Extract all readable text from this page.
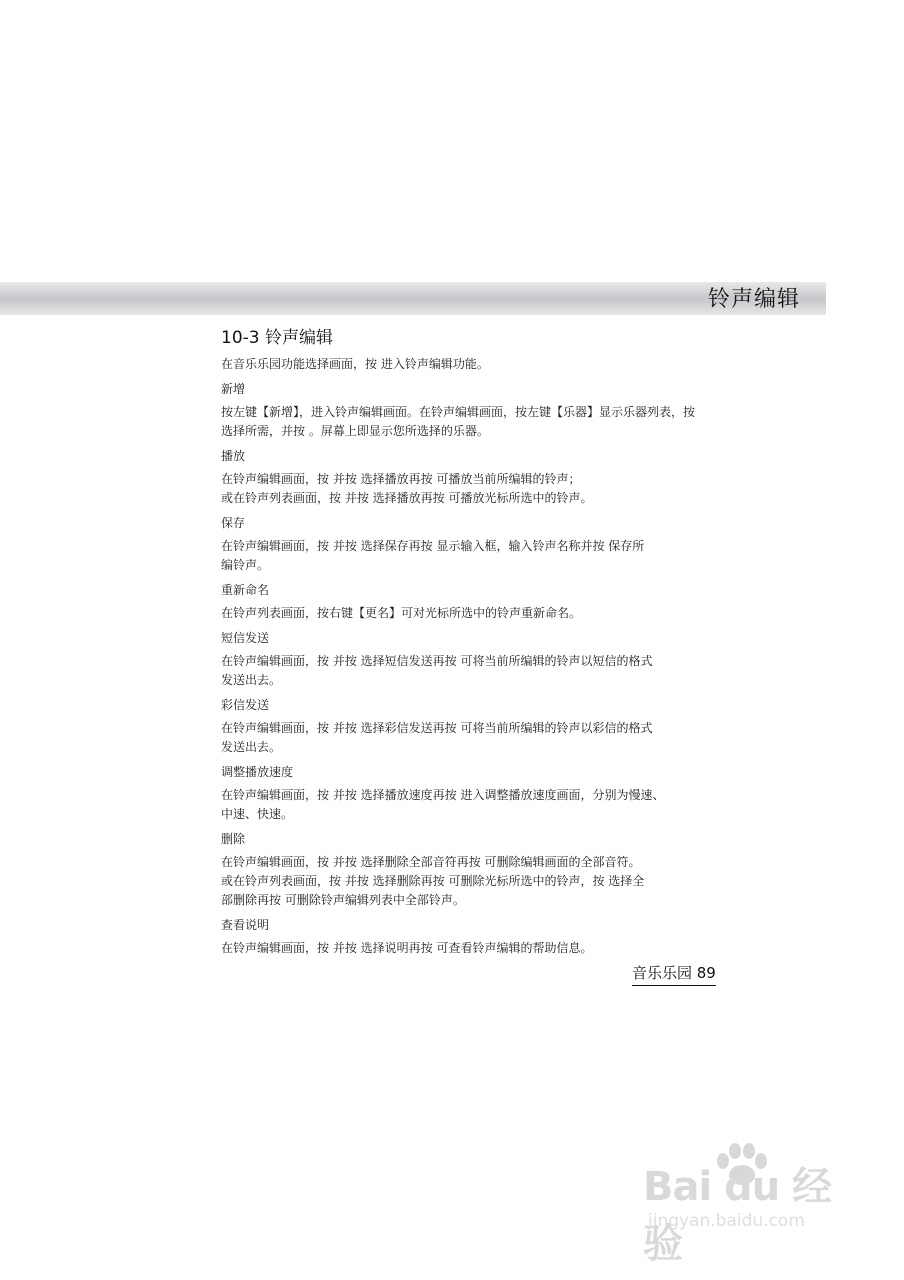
铃声编辑
10-3 铃声编辑

在音乐乐园功能选择画面，按 进入铃声编辑功能。

新增
按左键【新增】，进入铃声编辑画面。在铃声编辑画面，按左键【乐器】显示乐器列表，按
选择所需，并按 。屏幕上即显示您所选择的乐器。
播放
在铃声编辑画面，按 并按 选择播放再按 可播放当前所编辑的铃声；
或在铃声列表画面，按 并按 选择播放再按 可播放光标所选中的铃声。
保存
在铃声编辑画面，按 并按 选择保存再按 显示输入框，输入铃声名称并按 保存所
编铃声。
重新命名
在铃声列表画面，按右键【更名】可对光标所选中的铃声重新命名。
短信发送
在铃声编辑画面，按 并按 选择短信发送再按 可将当前所编辑的铃声以短信的格式
发送出去。
彩信发送
在铃声编辑画面，按 并按 选择彩信发送再按 可将当前所编辑的铃声以彩信的格式
发送出去。
调整播放速度
在铃声编辑画面，按 并按 选择播放速度再按 进入调整播放速度画面，分别为慢速、
中速、快速。
删除
在铃声编辑画面，按 并按 选择删除全部音符再按 可删除编辑画面的全部音符。
或在铃声列表画面，按 并按 选择删除再按 可删除光标所选中的铃声，按 选择全
部删除再按 可删除铃声编辑列表中全部铃声。
查看说明
在铃声编辑画面，按 并按 选择说明再按 可查看铃声编辑的帮助信息。
音乐乐园 89
Bai du 经验
jingyan.baidu.com
